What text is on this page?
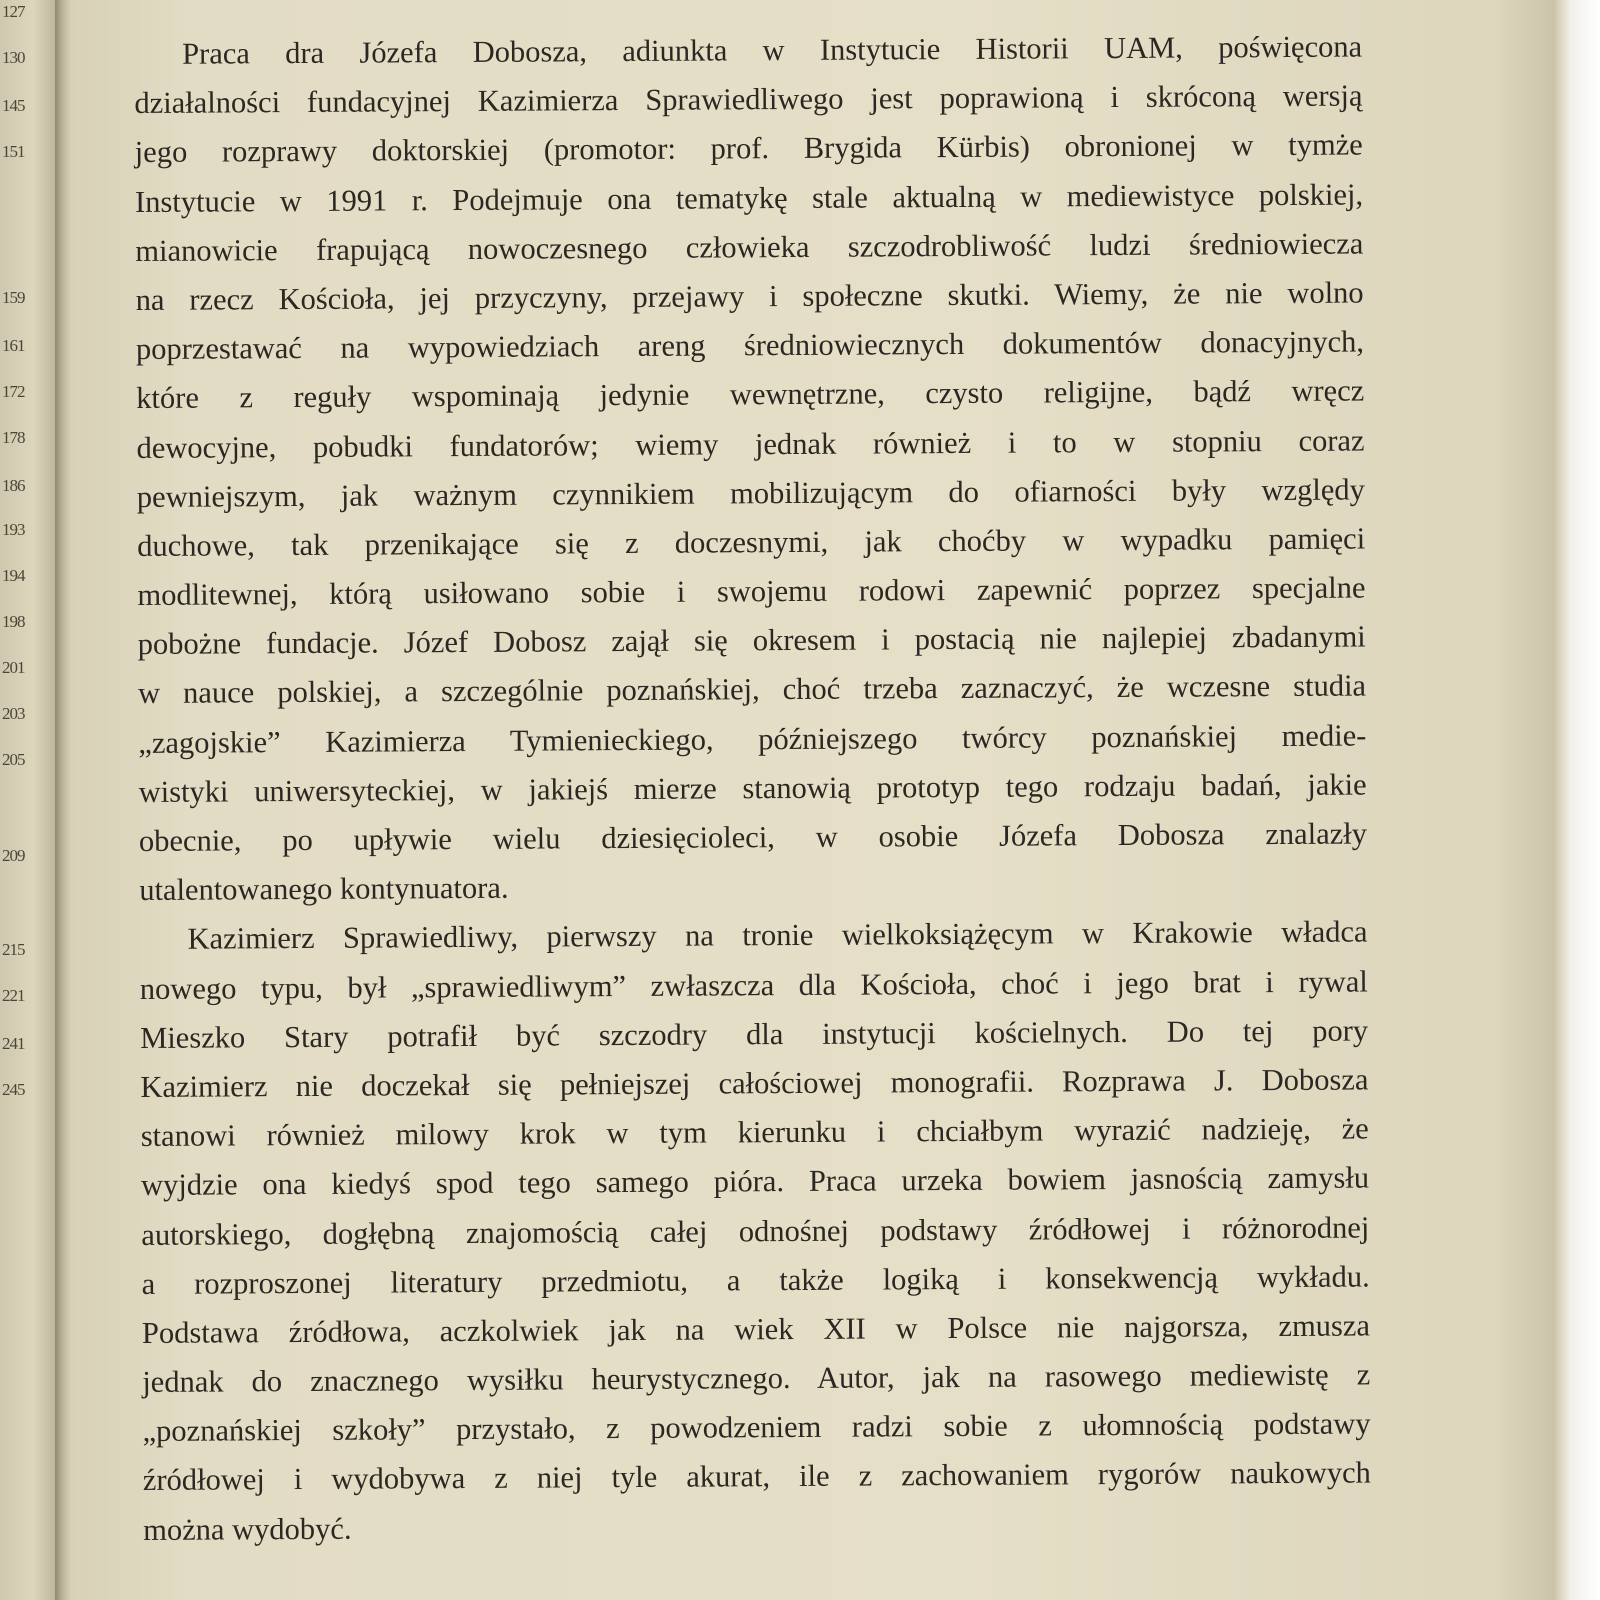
127
130
145
151
159
161
172
178
186
193
194
198
201
203
205
209
215
221
241
245
Praca dra Józefa Dobosza, adiunkta w Instytucie Historii UAM, poświęcona
działalności fundacyjnej Kazimierza Sprawiedliwego jest poprawioną i skróconą wersją
jego rozprawy doktorskiej (promotor: prof. Brygida Kürbis) obronionej w tymże
Instytucie w 1991 r. Podejmuje ona tematykę stale aktualną w mediewistyce polskiej,
mianowicie frapującą nowoczesnego człowieka szczodrobliwość ludzi średniowiecza
na rzecz Kościoła, jej przyczyny, przejawy i społeczne skutki. Wiemy, że nie wolno
poprzestawać na wypowiedziach areng średniowiecznych dokumentów donacyjnych,
które z reguły wspominają jedynie wewnętrzne, czysto religijne, bądź wręcz
dewocyjne, pobudki fundatorów; wiemy jednak również i to w stopniu coraz
pewniejszym, jak ważnym czynnikiem mobilizującym do ofiarności były względy
duchowe, tak przenikające się z doczesnymi, jak choćby w wypadku pamięci
modlitewnej, którą usiłowano sobie i swojemu rodowi zapewnić poprzez specjalne
pobożne fundacje. Józef Dobosz zajął się okresem i postacią nie najlepiej zbadanymi
w nauce polskiej, a szczególnie poznańskiej, choć trzeba zaznaczyć, że wczesne studia
„zagojskie” Kazimierza Tymienieckiego, późniejszego twórcy poznańskiej medie-
wistyki uniwersyteckiej, w jakiejś mierze stanowią prototyp tego rodzaju badań, jakie
obecnie, po upływie wielu dziesięcioleci, w osobie Józefa Dobosza znalazły
utalentowanego kontynuatora.
Kazimierz Sprawiedliwy, pierwszy na tronie wielkoksiążęcym w Krakowie władca
nowego typu, był „sprawiedliwym” zwłaszcza dla Kościoła, choć i jego brat i rywal
Mieszko Stary potrafił być szczodry dla instytucji kościelnych. Do tej pory
Kazimierz nie doczekał się pełniejszej całościowej monografii. Rozprawa J. Dobosza
stanowi również milowy krok w tym kierunku i chciałbym wyrazić nadzieję, że
wyjdzie ona kiedyś spod tego samego pióra. Praca urzeka bowiem jasnością zamysłu
autorskiego, dogłębną znajomością całej odnośnej podstawy źródłowej i różnorodnej
a rozproszonej literatury przedmiotu, a także logiką i konsekwencją wykładu.
Podstawa źródłowa, aczkolwiek jak na wiek XII w Polsce nie najgorsza, zmusza
jednak do znacznego wysiłku heurystycznego. Autor, jak na rasowego mediewistę z
„poznańskiej szkoły” przystało, z powodzeniem radzi sobie z ułomnością podstawy
źródłowej i wydobywa z niej tyle akurat, ile z zachowaniem rygorów naukowych
można wydobyć.
